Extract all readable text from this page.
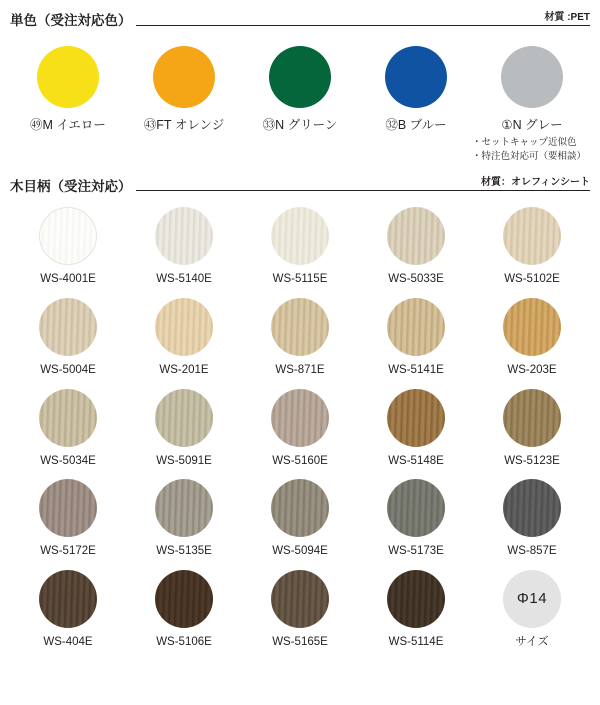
単色（受注対応色）	材質 :PET
㊾M イエロー	㊸FT オレンジ	㉝N グリーン	㉜B ブルー	①N グレー
・セットキャップ近似色
・特注色対応可（要相談）
木目柄（受注対応）	材質：オレフィンシート
WS-4001E	WS-5140E	WS-5115E	WS-5033E	WS-5102E
WS-5004E	WS-201E	WS-871E	WS-5141E	WS-203E
WS-5034E	WS-5091E	WS-5160E	WS-5148E	WS-5123E
WS-5172E	WS-5135E	WS-5094E	WS-5173E	WS-857E
WS-404E	WS-5106E	WS-5165E	WS-5114E
Φ14
サイズ
